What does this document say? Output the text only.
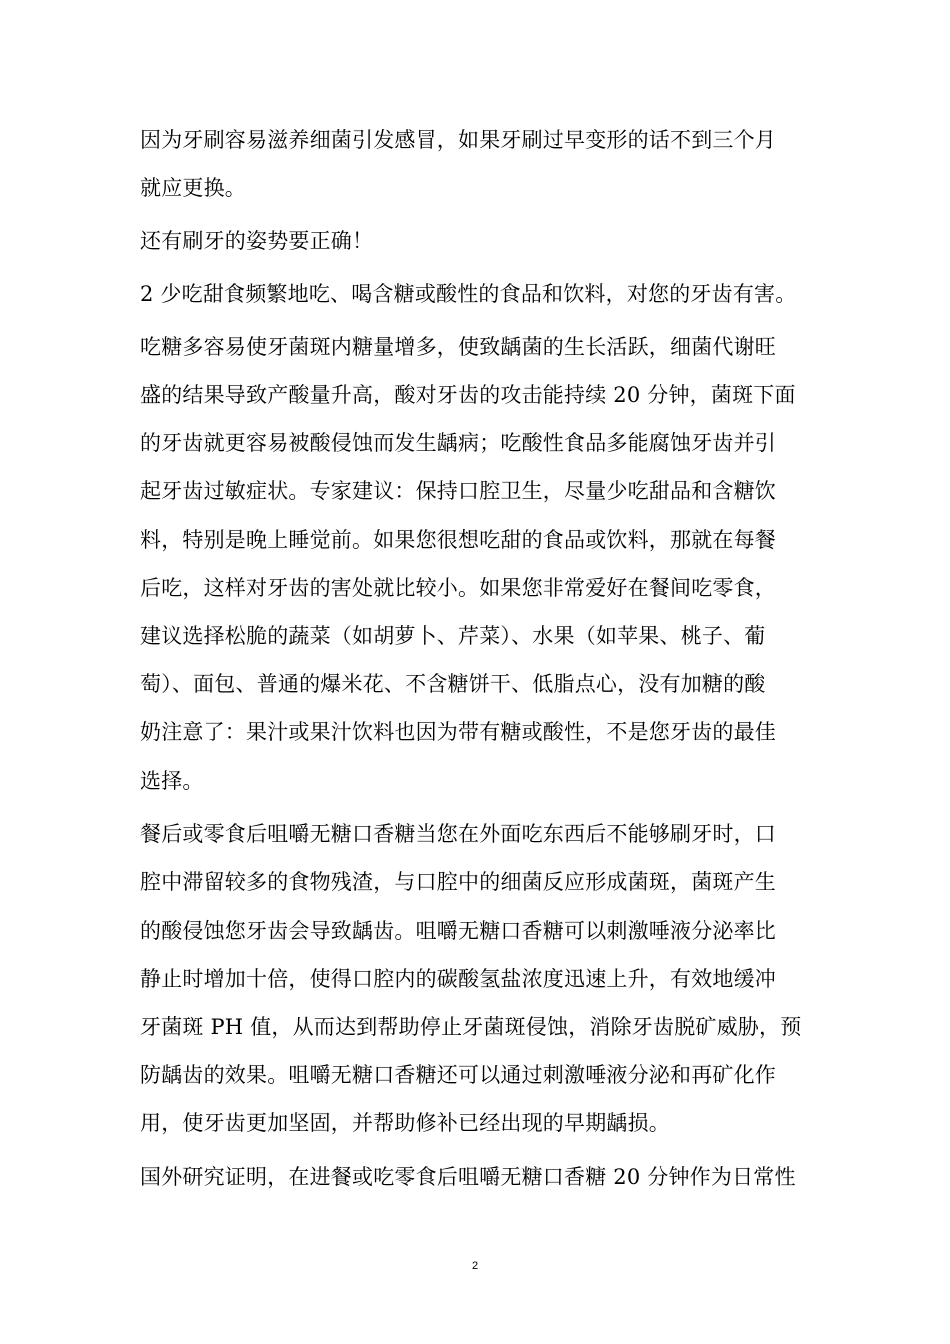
因为牙刷容易滋养细菌引发感冒，如果牙刷过早变形的话不到三个月
就应更换。
还有刷牙的姿势要正确！
2 少吃甜食频繁地吃、喝含糖或酸性的食品和饮料，对您的牙齿有害。
吃糖多容易使牙菌斑内糖量增多，使致龋菌的生长活跃，细菌代谢旺
盛的结果导致产酸量升高，酸对牙齿的攻击能持续 20 分钟，菌斑下面
的牙齿就更容易被酸侵蚀而发生龋病；吃酸性食品多能腐蚀牙齿并引
起牙齿过敏症状。专家建议：保持口腔卫生，尽量少吃甜品和含糖饮
料，特别是晚上睡觉前。如果您很想吃甜的食品或饮料，那就在每餐
后吃，这样对牙齿的害处就比较小。如果您非常爱好在餐间吃零食，
建议选择松脆的蔬菜（如胡萝卜、芹菜）、水果（如苹果、桃子、葡
萄）、面包、普通的爆米花、不含糖饼干、低脂点心，没有加糖的酸
奶注意了：果汁或果汁饮料也因为带有糖或酸性，不是您牙齿的最佳
选择。
餐后或零食后咀嚼无糖口香糖当您在外面吃东西后不能够刷牙时，口
腔中滞留较多的食物残渣，与口腔中的细菌反应形成菌斑，菌斑产生
的酸侵蚀您牙齿会导致龋齿。咀嚼无糖口香糖可以刺激唾液分泌率比
静止时增加十倍，使得口腔内的碳酸氢盐浓度迅速上升，有效地缓冲
牙菌斑 PH 值，从而达到帮助停止牙菌斑侵蚀，消除牙齿脱矿威胁，预
防龋齿的效果。咀嚼无糖口香糖还可以通过刺激唾液分泌和再矿化作
用，使牙齿更加坚固，并帮助修补已经出现的早期龋损。
国外研究证明，在进餐或吃零食后咀嚼无糖口香糖 20 分钟作为日常性
2
